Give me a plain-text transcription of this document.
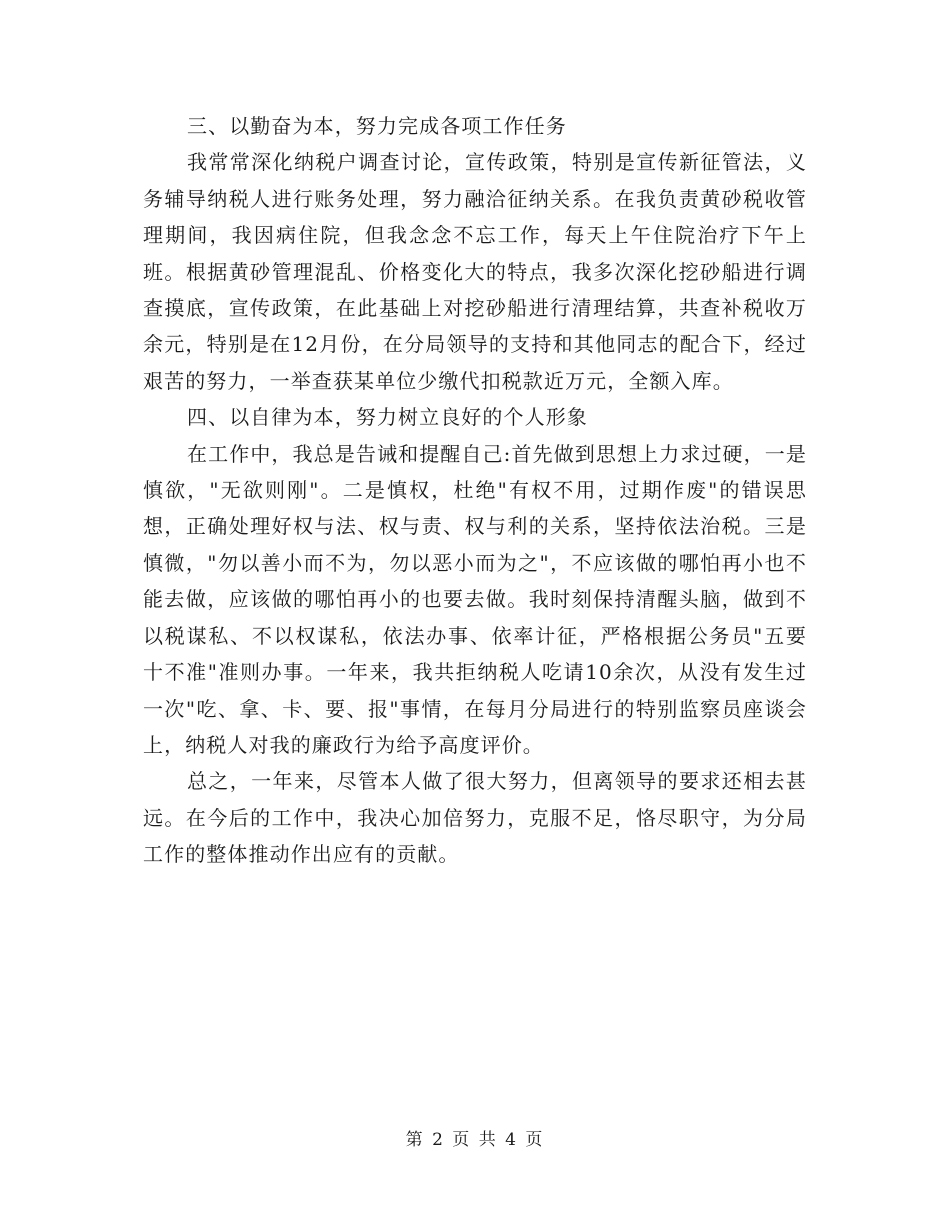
三、以勤奋为本，努力完成各项工作任务

我常常深化纳税户调查讨论，宣传政策，特别是宣传新征管法，义务辅导纳税人进行账务处理，努力融洽征纳关系。在我负责黄砂税收管理期间，我因病住院，但我念念不忘工作，每天上午住院治疗下午上班。根据黄砂管理混乱、价格变化大的特点，我多次深化挖砂船进行调查摸底，宣传政策，在此基础上对挖砂船进行清理结算，共查补税收万余元，特别是在12月份，在分局领导的支持和其他同志的配合下，经过艰苦的努力，一举查获某单位少缴代扣税款近万元，全额入库。

四、以自律为本，努力树立良好的个人形象

在工作中，我总是告诫和提醒自己:首先做到思想上力求过硬，一是慎欲，"无欲则刚"。二是慎权，杜绝"有权不用，过期作废"的错误思想，正确处理好权与法、权与责、权与利的关系，坚持依法治税。三是慎微，"勿以善小而不为，勿以恶小而为之"，不应该做的哪怕再小也不能去做，应该做的哪怕再小的也要去做。我时刻保持清醒头脑，做到不以税谋私、不以权谋私，依法办事、依率计征，严格根据公务员"五要十不准"准则办事。一年来，我共拒纳税人吃请10余次，从没有发生过一次"吃、拿、卡、要、报"事情，在每月分局进行的特别监察员座谈会上，纳税人对我的廉政行为给予高度评价。

总之，一年来，尽管本人做了很大努力，但离领导的要求还相去甚远。在今后的工作中，我决心加倍努力，克服不足，恪尽职守，为分局工作的整体推动作出应有的贡献。

第 2 页 共 4 页
